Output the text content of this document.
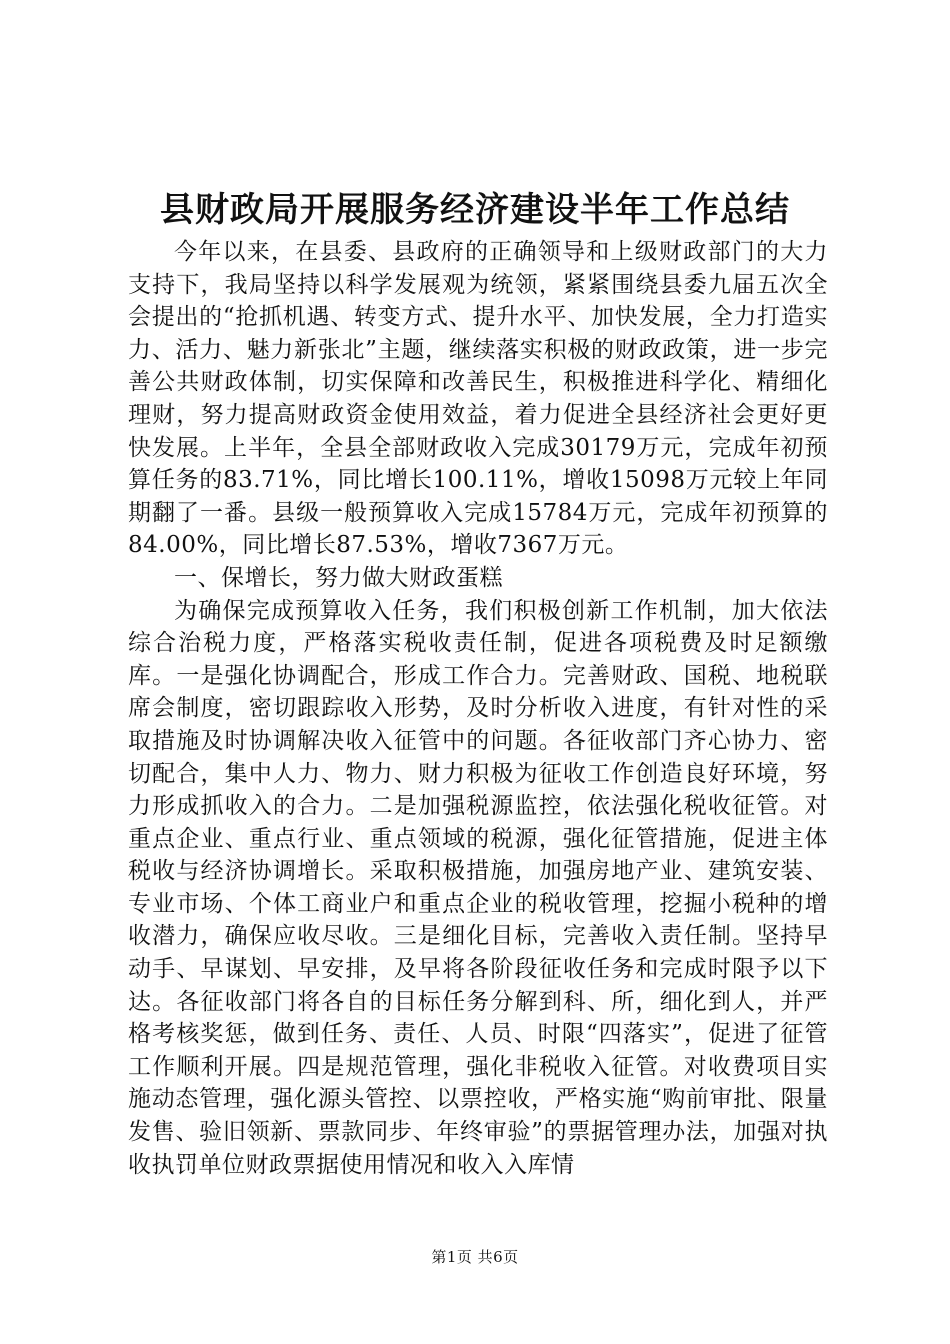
县财政局开展服务经济建设半年工作总结

今年以来，在县委、县政府的正确领导和上级财政部门的大力支持下，我局坚持以科学发展观为统领，紧紧围绕县委九届五次全会提出的“抢抓机遇、转变方式、提升水平、加快发展，全力打造实力、活力、魅力新张北”主题，继续落实积极的财政政策，进一步完善公共财政体制，切实保障和改善民生，积极推进科学化、精细化理财，努力提高财政资金使用效益，着力促进全县经济社会更好更快发展。上半年，全县全部财政收入完成30179万元，完成年初预算任务的83.71%，同比增长100.11%，增收15098万元较上年同期翻了一番。县级一般预算收入完成15784万元，完成年初预算的84.00%，同比增长87.53%，增收7367万元。

一、保增长，努力做大财政蛋糕

为确保完成预算收入任务，我们积极创新工作机制，加大依法综合治税力度，严格落实税收责任制，促进各项税费及时足额缴库。一是强化协调配合，形成工作合力。完善财政、国税、地税联席会制度，密切跟踪收入形势，及时分析收入进度，有针对性的采取措施及时协调解决收入征管中的问题。各征收部门齐心协力、密切配合，集中人力、物力、财力积极为征收工作创造良好环境，努力形成抓收入的合力。二是加强税源监控，依法强化税收征管。对重点企业、重点行业、重点领域的税源，强化征管措施，促进主体税收与经济协调增长。采取积极措施，加强房地产业、建筑安装、专业市场、个体工商业户和重点企业的税收管理，挖掘小税种的增收潜力，确保应收尽收。三是细化目标，完善收入责任制。坚持早动手、早谋划、早安排，及早将各阶段征收任务和完成时限予以下达。各征收部门将各自的目标任务分解到科、所，细化到人，并严格考核奖惩，做到任务、责任、人员、时限“四落实”，促进了征管工作顺利开展。四是规范管理，强化非税收入征管。对收费项目实施动态管理，强化源头管控、以票控收，严格实施“购前审批、限量发售、验旧领新、票款同步、年终审验”的票据管理办法，加强对执收执罚单位财政票据使用情况和收入入库情

第1页 共6页
